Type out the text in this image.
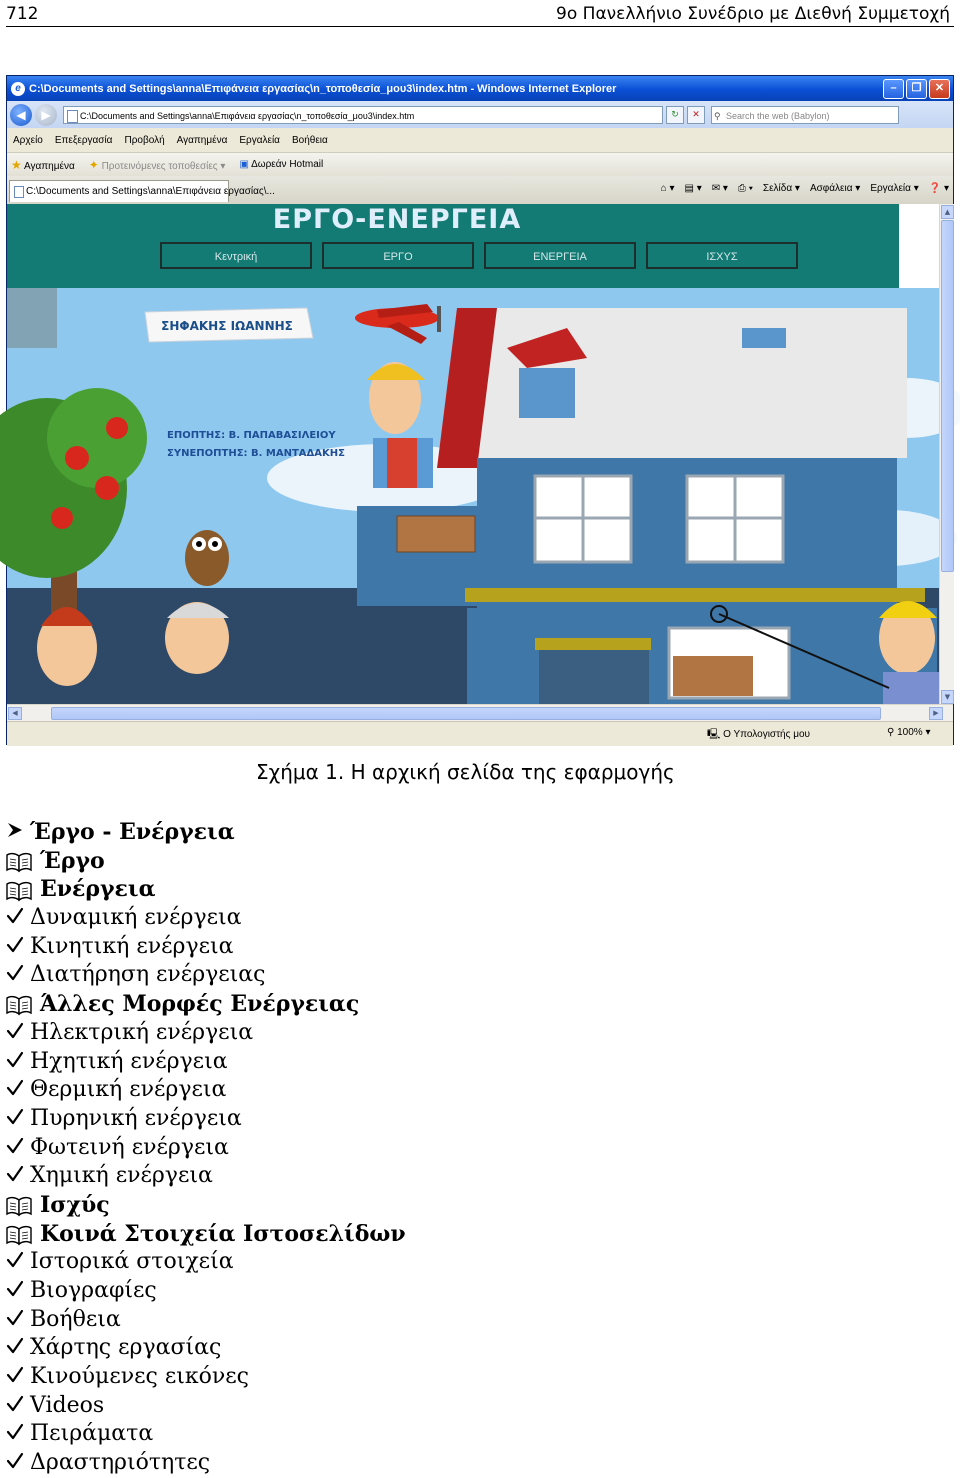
712	9ο Πανελλήνιο Συνέδριο με Διεθνή Συμμετοχή
e C:\Documents and Settings\anna\Επιφάνεια εργασίας\n_τοποθεσία_μου3\index.htm - Windows Internet Explorer	–	❐	✕
◀	▶	C:\Documents and Settings\anna\Επιφάνεια εργασίας\n_τοποθεσία_μου3\index.htm	↻	✕	⚲ Search the web (Babylon)
Αρχείο Επεξεργασία Προβολή Αγαπημένα Εργαλεία Βοήθεια
★ Αγαπημένα ✦ Προτεινόμενες τοποθεσίες ▾ ▣ Δωρεάν Hotmail
C:\Documents and Settings\anna\Επιφάνεια εργασίας\...	⌂ ▾ ▤ ▾ ✉ ▾ ⎙ ▾ Σελίδα ▾ Ασφάλεια ▾ Εργαλεία ▾ ❓ ▾
ΕΡΓΟ-ΕΝΕΡΓΕΙΑ
Κεντρική	ΕΡΓΟ	ΕΝΕΡΓΕΙΑ	ΙΣΧΥΣ
ΣΗΦΑΚΗΣ ΙΩΑΝΝΗΣ
ΕΠΟΠΤΗΣ: Β. ΠΑΠΑΒΑΣΙΛΕΙΟΥ
ΣΥΝΕΠΟΠΤΗΣ: Β. ΜΑΝΤΑΔΑΚΗΣ
▲
▼
◀	▶
🖳 Ο Υπολογιστής μου	⚲ 100% ▾
Σχήμα 1. Η αρχική σελίδα της εφαρμογής
Έργο - Ενέργεια
Έργο
Ενέργεια
Δυναμική ενέργεια
Κινητική ενέργεια
Διατήρηση ενέργειας
Άλλες Μορφές Ενέργειας
Ηλεκτρική ενέργεια
Ηχητική ενέργεια
Θερμική ενέργεια
Πυρηνική ενέργεια
Φωτεινή ενέργεια
Χημική ενέργεια
Ισχύς
Κοινά Στοιχεία Ιστοσελίδων
Ιστορικά στοιχεία
Βιογραφίες
Βοήθεια
Χάρτης εργασίας
Κινούμενες εικόνες
Videos
Πειράματα
Δραστηριότητες
